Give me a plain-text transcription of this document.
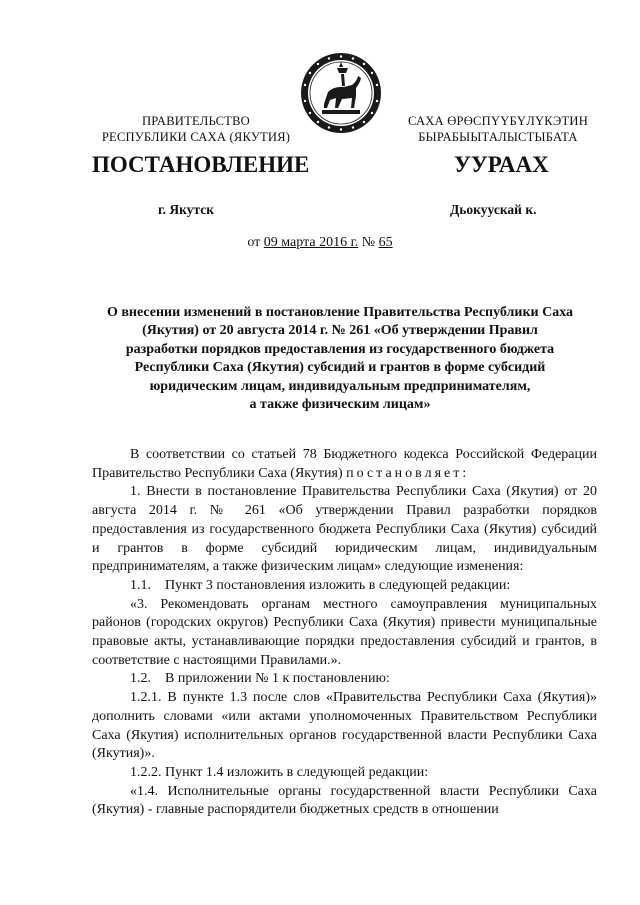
ПРАВИТЕЛЬСТВО
РЕСПУБЛИКИ САХА (ЯКУТИЯ)
САХА ӨРӨСПҮҮБҮЛҮКЭТИН
БЫРАБЫЫТАЛЫСТЫБАТА
ПОСТАНОВЛЕНИЕ	УУРААХ
г. Якутск	Дьокуускай к.
от 09 марта 2016 г. № 65
О внесении изменений в постановление Правительства Республики Саха
(Якутия) от 20 августа 2014 г. № 261 «Об утверждении Правил
разработки порядков предоставления из государственного бюджета
Республики Саха (Якутия) субсидий и грантов в форме субсидий
юридическим лицам, индивидуальным предпринимателям,
а также физическим лицам»
В соответствии со статьей 78 Бюджетного кодекса Российской Федерации Правительство Республики Саха (Якутия) постановляет:
1. Внести в постановление Правительства Республики Саха (Якутия) от 20 августа 2014 г. № 261 «Об утверждении Правил разработки порядков предоставления из государственного бюджета Республики Саха (Якутия) субсидий и грантов в форме субсидий юридическим лицам, индивидуальным предпринимателям, а также физическим лицам» следующие изменения:
1.1.    Пункт 3 постановления изложить в следующей редакции:
«3. Рекомендовать органам местного самоуправления муниципальных районов (городских округов) Республики Саха (Якутия) привести муниципальные правовые акты, устанавливающие порядки предоставления субсидий и грантов, в соответствие с настоящими Правилами.».
1.2.    В приложении № 1 к постановлению:
1.2.1. В пункте 1.3 после слов «Правительства Республики Саха (Якутия)» дополнить словами «или актами уполномоченных Правительством Республики Саха (Якутия) исполнительных органов государственной власти Республики Саха (Якутия)».
1.2.2. Пункт 1.4 изложить в следующей редакции:
«1.4. Исполнительные органы государственной власти Республики Саха (Якутия) - главные распорядители бюджетных средств в отношении
